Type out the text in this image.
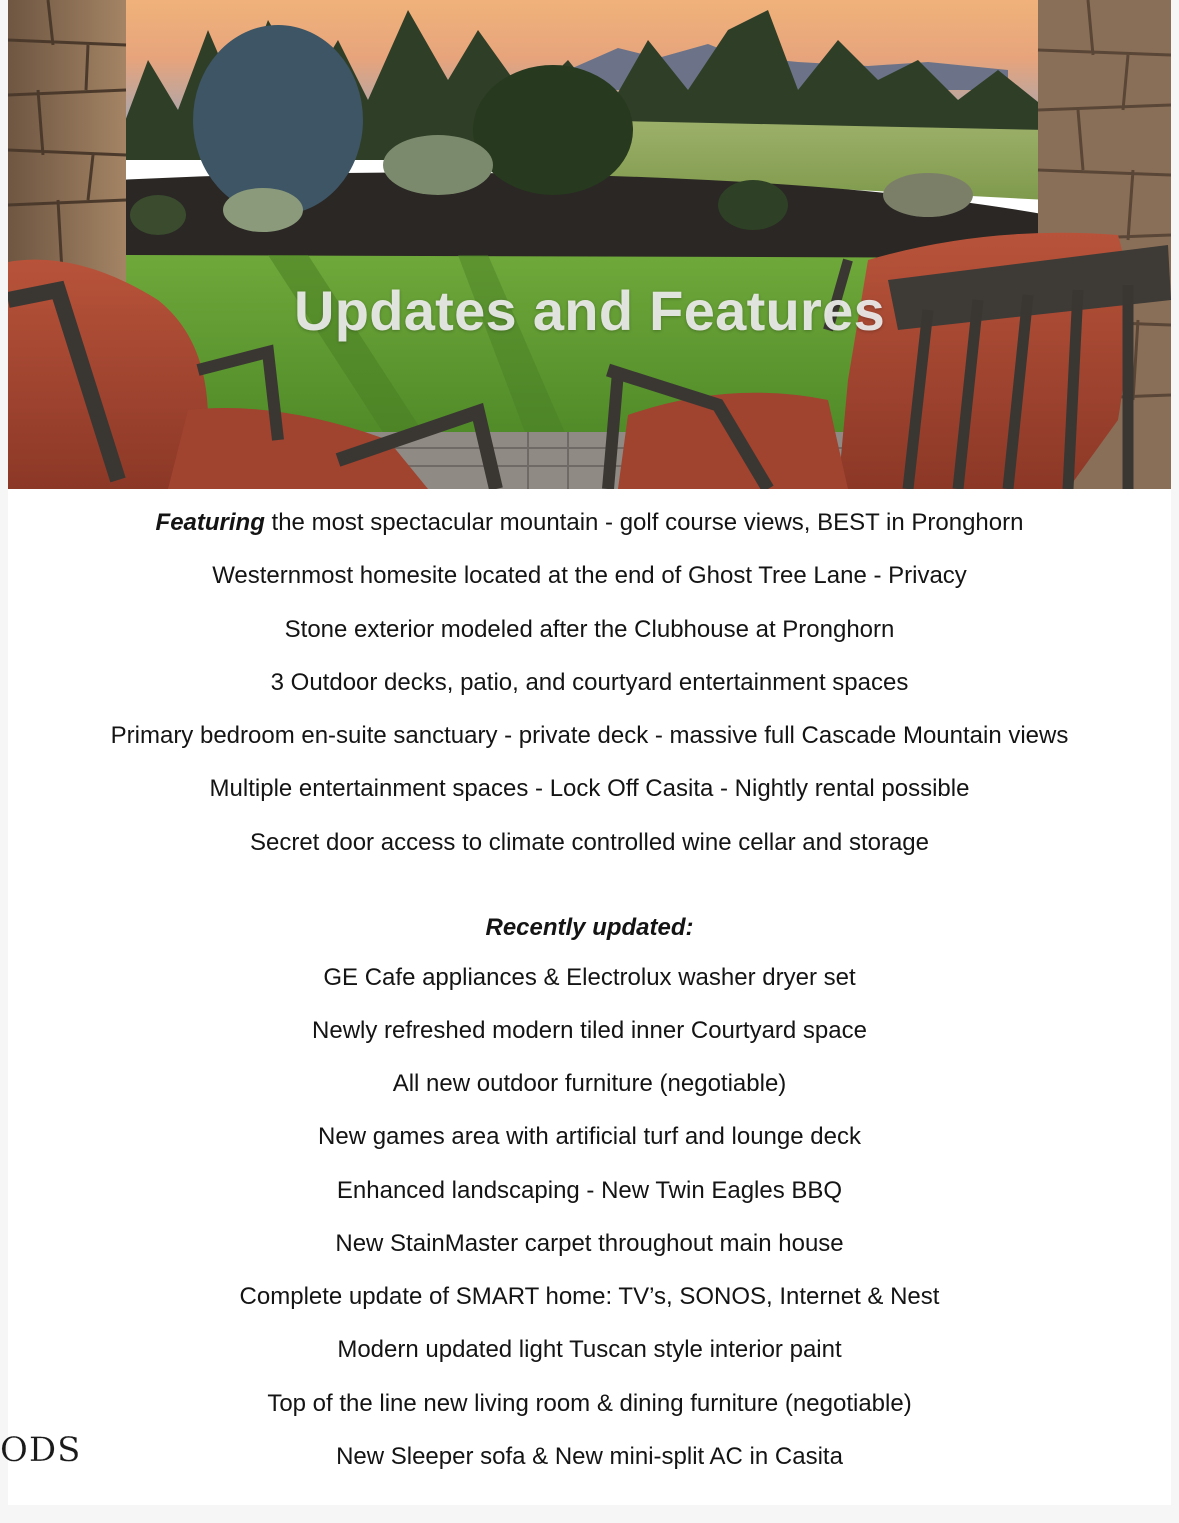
Updates and Features

Featuring the most spectacular mountain - golf course views, BEST in Pronghorn

Westernmost homesite located at the end of Ghost Tree Lane - Privacy

Stone exterior modeled after the Clubhouse at Pronghorn

3 Outdoor decks, patio, and courtyard entertainment spaces

Primary bedroom en-suite sanctuary - private deck - massive full Cascade Mountain views

Multiple entertainment spaces - Lock Off Casita - Nightly rental possible

Secret door access to climate controlled wine cellar and storage

Recently updated:

GE Cafe appliances & Electrolux washer dryer set

Newly refreshed modern tiled inner Courtyard space

All new outdoor furniture (negotiable)

New games area with artificial turf and lounge deck

Enhanced landscaping - New Twin Eagles BBQ

New StainMaster carpet throughout main house

Complete update of SMART home: TV’s, SONOS, Internet & Nest

Modern updated light Tuscan style interior paint

Top of the line new living room & dining furniture (negotiable)

New Sleeper sofa & New mini-split AC in Casita

ODS
